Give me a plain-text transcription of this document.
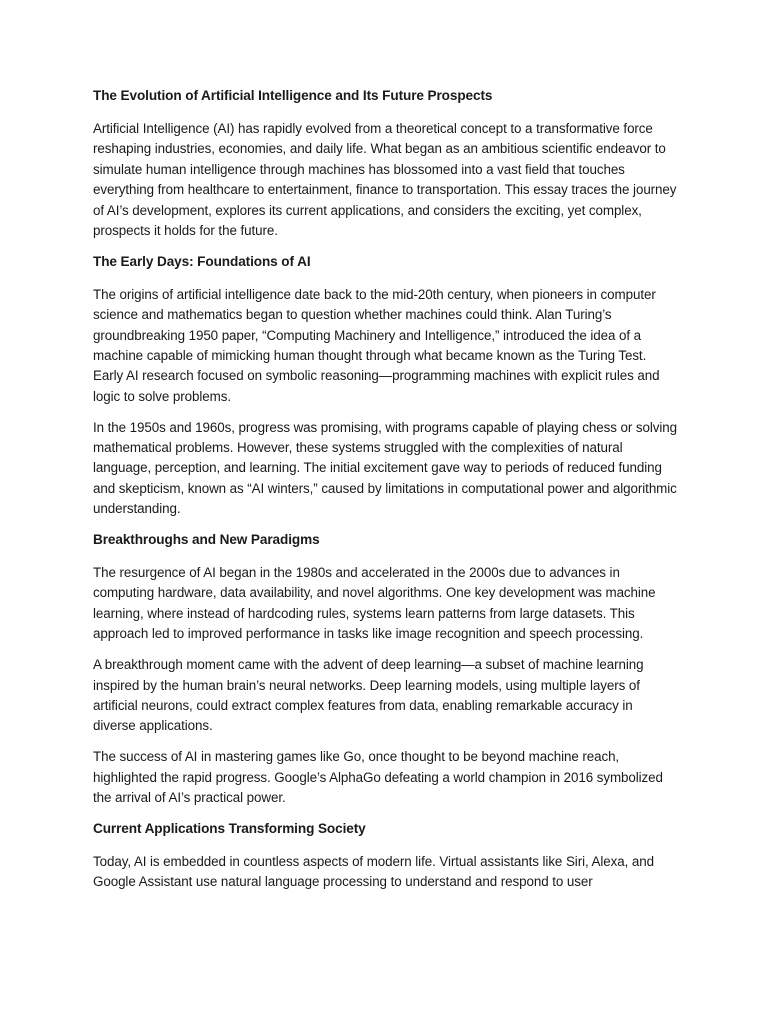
The Evolution of Artificial Intelligence and Its Future Prospects

Artificial Intelligence (AI) has rapidly evolved from a theoretical concept to a transformative force reshaping industries, economies, and daily life. What began as an ambitious scientific endeavor to simulate human intelligence through machines has blossomed into a vast field that touches everything from healthcare to entertainment, finance to transportation. This essay traces the journey of AI’s development, explores its current applications, and considers the exciting, yet complex, prospects it holds for the future.

The Early Days: Foundations of AI

The origins of artificial intelligence date back to the mid-20th century, when pioneers in computer science and mathematics began to question whether machines could think. Alan Turing’s groundbreaking 1950 paper, “Computing Machinery and Intelligence,” introduced the idea of a machine capable of mimicking human thought through what became known as the Turing Test. Early AI research focused on symbolic reasoning—programming machines with explicit rules and logic to solve problems.

In the 1950s and 1960s, progress was promising, with programs capable of playing chess or solving mathematical problems. However, these systems struggled with the complexities of natural language, perception, and learning. The initial excitement gave way to periods of reduced funding and skepticism, known as “AI winters,” caused by limitations in computational power and algorithmic understanding.

Breakthroughs and New Paradigms

The resurgence of AI began in the 1980s and accelerated in the 2000s due to advances in computing hardware, data availability, and novel algorithms. One key development was machine learning, where instead of hardcoding rules, systems learn patterns from large datasets. This approach led to improved performance in tasks like image recognition and speech processing.

A breakthrough moment came with the advent of deep learning—a subset of machine learning inspired by the human brain’s neural networks. Deep learning models, using multiple layers of artificial neurons, could extract complex features from data, enabling remarkable accuracy in diverse applications.

The success of AI in mastering games like Go, once thought to be beyond machine reach, highlighted the rapid progress. Google’s AlphaGo defeating a world champion in 2016 symbolized the arrival of AI’s practical power.

Current Applications Transforming Society

Today, AI is embedded in countless aspects of modern life. Virtual assistants like Siri, Alexa, and Google Assistant use natural language processing to understand and respond to user
